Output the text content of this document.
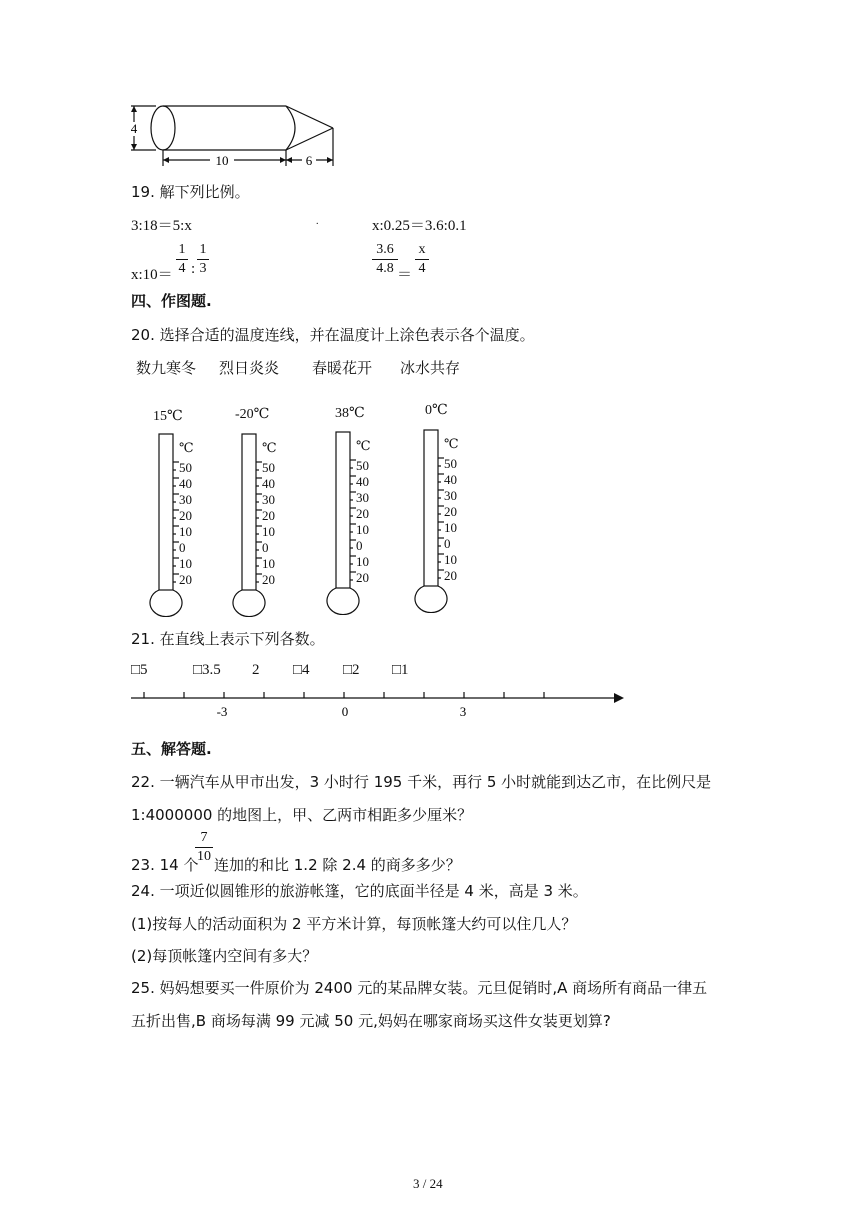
4
10	6
19. 解下列比例。
3:18＝5:x	.	x:0.25＝3.6:0.1
x:10＝
1
4 :
1
3
3.6
4.8 ＝
x
4
四、作图题.
20. 选择合适的温度连线，并在温度计上涂色表示各个温度。
数九寒冬 烈日炎炎 春暖花开 冰水共存
15℃	-20℃	38℃	0℃
℃
50
40
30
20
10
0
10
20
℃
50
40
30
20
10
0
10
20
℃
50
40
30
20
10
0
10
20
℃
50
40
30
20
10
0
10
20
21. 在直线上表示下列各数。
□5	□3.5 2 □4 □2 □1
-3	0	3
五、解答题.
22. 一辆汽车从甲市出发，3 小时行 195 千米，再行 5 小时就能到达乙市，在比例尺是
1:4000000 的地图上，甲、乙两市相距多少厘米？
23. 14 个
7
10 连加的和比 1.2 除 2.4 的商多多少？
24. 一项近似圆锥形的旅游帐篷，它的底面半径是 4 米，高是 3 米。
(1)按每人的活动面积为 2 平方米计算，每顶帐篷大约可以住几人？
(2)每顶帐篷内空间有多大？
25. 妈妈想要买一件原价为 2400 元的某品牌女装。元旦促销时,A 商场所有商品一律五
五折出售,B 商场每满 99 元减 50 元,妈妈在哪家商场买这件女装更划算?
3 / 24
